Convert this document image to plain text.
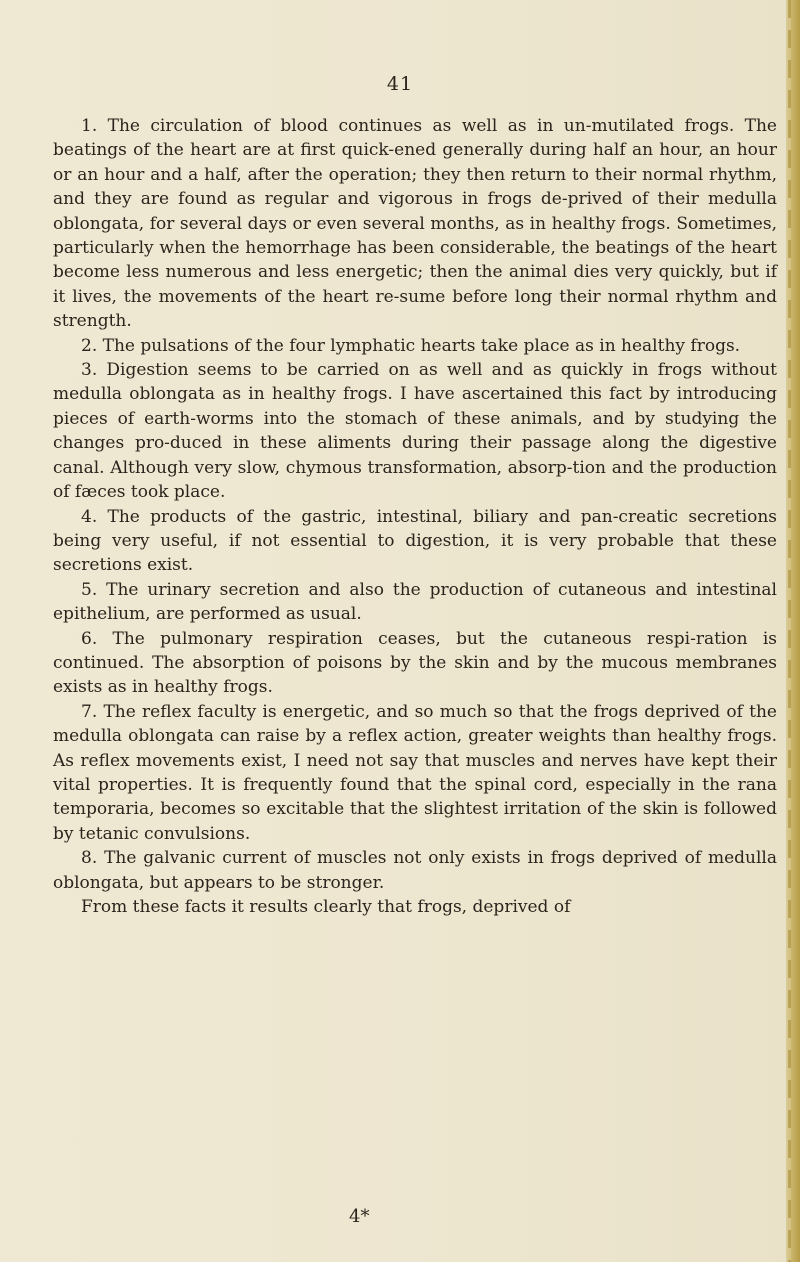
41

1. The circulation of blood continues as well as in un-mutilated frogs. The beatings of the heart are at first quick-ened generally during half an hour, an hour or an hour and a half, after the operation; they then return to their normal rhythm, and they are found as regular and vigorous in frogs de-prived of their medulla oblongata, for several days or even several months, as in healthy frogs. Sometimes, particularly when the hemorrhage has been considerable, the beatings of the heart become less numerous and less energetic; then the animal dies very quickly, but if it lives, the movements of the heart re-sume before long their normal rhythm and strength.

2. The pulsations of the four lymphatic hearts take place as in healthy frogs.

3. Digestion seems to be carried on as well and as quickly in frogs without medulla oblongata as in healthy frogs. I have ascertained this fact by introducing pieces of earth-worms into the stomach of these animals, and by studying the changes pro-duced in these aliments during their passage along the digestive canal. Although very slow, chymous transformation, absorp-tion and the production of fæces took place.

4. The products of the gastric, intestinal, biliary and pan-creatic secretions being very useful, if not essential to digestion, it is very probable that these secretions exist.

5. The urinary secretion and also the production of cutaneous and intestinal epithelium, are performed as usual.

6. The pulmonary respiration ceases, but the cutaneous respi-ration is continued. The absorption of poisons by the skin and by the mucous membranes exists as in healthy frogs.

7. The reflex faculty is energetic, and so much so that the frogs deprived of the medulla oblongata can raise by a reflex action, greater weights than healthy frogs. As reflex movements exist, I need not say that muscles and nerves have kept their vital properties. It is frequently found that the spinal cord, especially in the rana temporaria, becomes so excitable that the slightest irritation of the skin is followed by tetanic convulsions.

8. The galvanic current of muscles not only exists in frogs deprived of medulla oblongata, but appears to be stronger.

From these facts it results clearly that frogs, deprived of

4*
